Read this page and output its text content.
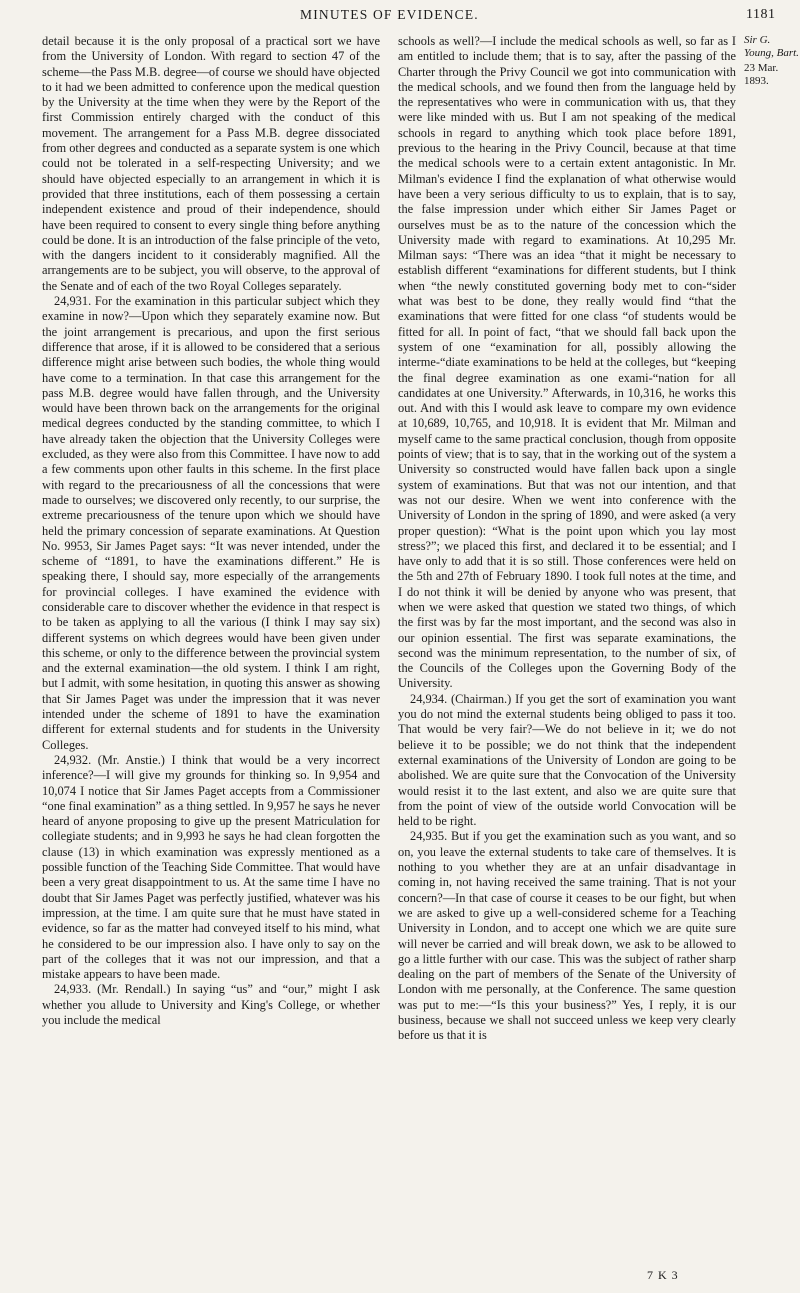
MINUTES OF EVIDENCE.	1181

detail because it is the only proposal of a practical sort we have from the University of London. With regard to section 47 of the scheme—the Pass M.B. degree—of course we should have objected to it had we been admitted to conference upon the medical question by the University at the time when they were by the Report of the first Commission entirely charged with the conduct of this movement. The arrangement for a Pass M.B. degree dissociated from other degrees and conducted as a separate system is one which could not be tolerated in a self-respecting University; and we should have objected especially to an arrangement in which it is provided that three institutions, each of them possessing a certain independent existence and proud of their independence, should have been required to consent to every single thing before anything could be done. It is an introduction of the false principle of the veto, with the dangers incident to it considerably magnified. All the arrangements are to be subject, you will observe, to the approval of the Senate and of each of the two Royal Colleges separately.

24,931. For the examination in this particular subject which they examine in now?—Upon which they separately examine now. But the joint arrangement is precarious, and upon the first serious difference that arose, if it is allowed to be considered that a serious difference might arise between such bodies, the whole thing would have come to a termination. In that case this arrangement for the pass M.B. degree would have fallen through, and the University would have been thrown back on the arrangements for the original medical degrees conducted by the standing committee, to which I have already taken the objection that the University Colleges were excluded, as they were also from this Committee. I have now to add a few comments upon other faults in this scheme. In the first place with regard to the precariousness of all the concessions that were made to ourselves; we discovered only recently, to our surprise, the extreme precariousness of the tenure upon which we should have held the primary concession of separate examinations. At Question No. 9953, Sir James Paget says: “It was never intended, under the scheme of “1891, to have the examinations different.” He is speaking there, I should say, more especially of the arrangements for provincial colleges. I have examined the evidence with considerable care to discover whether the evidence in that respect is to be taken as applying to all the various (I think I may say six) different systems on which degrees would have been given under this scheme, or only to the difference between the provincial system and the external examination—the old system. I think I am right, but I admit, with some hesitation, in quoting this answer as showing that Sir James Paget was under the impression that it was never intended under the scheme of 1891 to have the examination different for external students and for students in the University Colleges.

24,932. (Mr. Anstie.) I think that would be a very incorrect inference?—I will give my grounds for thinking so. In 9,954 and 10,074 I notice that Sir James Paget accepts from a Commissioner “one final examination” as a thing settled. In 9,957 he says he never heard of anyone proposing to give up the present Matriculation for collegiate students; and in 9,993 he says he had clean forgotten the clause (13) in which examination was expressly mentioned as a possible function of the Teaching Side Committee. That would have been a very great disappointment to us. At the same time I have no doubt that Sir James Paget was perfectly justified, whatever was his impression, at the time. I am quite sure that he must have stated in evidence, so far as the matter had conveyed itself to his mind, what he considered to be our impression also. I have only to say on the part of the colleges that it was not our impression, and that a mistake appears to have been made.

24,933. (Mr. Rendall.) In saying “us” and “our,” might I ask whether you allude to University and King's College, or whether you include the medical

schools as well?—I include the medical schools as well, so far as I am entitled to include them; that is to say, after the passing of the Charter through the Privy Council we got into communication with the medical schools, and we found then from the language held by the representatives who were in communication with us, that they were like minded with us. But I am not speaking of the medical schools in regard to anything which took place before 1891, previous to the hearing in the Privy Council, because at that time the medical schools were to a certain extent antagonistic. In Mr. Milman's evidence I find the explanation of what otherwise would have been a very serious difficulty to us to explain, that is to say, the false impression under which either Sir James Paget or ourselves must be as to the nature of the concession which the University made with regard to examinations. At 10,295 Mr. Milman says: “There was an idea “that it might be necessary to establish different “examinations for different students, but I think when “the newly constituted governing body met to con-“sider what was best to be done, they really would find “that the examinations that were fitted for one class “of students would be fitted for all. In point of fact, “that we should fall back upon the system of one “examination for all, possibly allowing the interme-“diate examinations to be held at the colleges, but “keeping the final degree examination as one exami-“nation for all candidates at one University.” Afterwards, in 10,316, he works this out. And with this I would ask leave to compare my own evidence at 10,689, 10,765, and 10,918. It is evident that Mr. Milman and myself came to the same practical conclusion, though from opposite points of view; that is to say, that in the working out of the system a University so constructed would have fallen back upon a single system of examinations. But that was not our intention, and that was not our desire. When we went into conference with the University of London in the spring of 1890, and were asked (a very proper question): “What is the point upon which you lay most stress?”; we placed this first, and declared it to be essential; and I have only to add that it is so still. Those conferences were held on the 5th and 27th of February 1890. I took full notes at the time, and I do not think it will be denied by anyone who was present, that when we were asked that question we stated two things, of which the first was by far the most important, and the second was also in our opinion essential. The first was separate examinations, the second was the minimum representation, to the number of six, of the Councils of the Colleges upon the Governing Body of the University.

24,934. (Chairman.) If you get the sort of examination you want you do not mind the external students being obliged to pass it too. That would be very fair?—We do not believe in it; we do not believe it to be possible; we do not think that the independent external examinations of the University of London are going to be abolished. We are quite sure that the Convocation of the University would resist it to the last extent, and also we are quite sure that from the point of view of the outside world Convocation will be held to be right.

24,935. But if you get the examination such as you want, and so on, you leave the external students to take care of themselves. It is nothing to you whether they are at an unfair disadvantage in coming in, not having received the same training. That is not your concern?—In that case of course it ceases to be our fight, but when we are asked to give up a well-considered scheme for a Teaching University in London, and to accept one which we are quite sure will never be carried and will break down, we ask to be allowed to go a little further with our case. This was the subject of rather sharp dealing on the part of members of the Senate of the University of London with me personally, at the Conference. The same question was put to me:—“Is this your business?” Yes, I reply, it is our business, because we shall not succeed unless we keep very clearly before us that it is

Sir G. Young, Bart.
23 Mar. 1893.
7 K 3
